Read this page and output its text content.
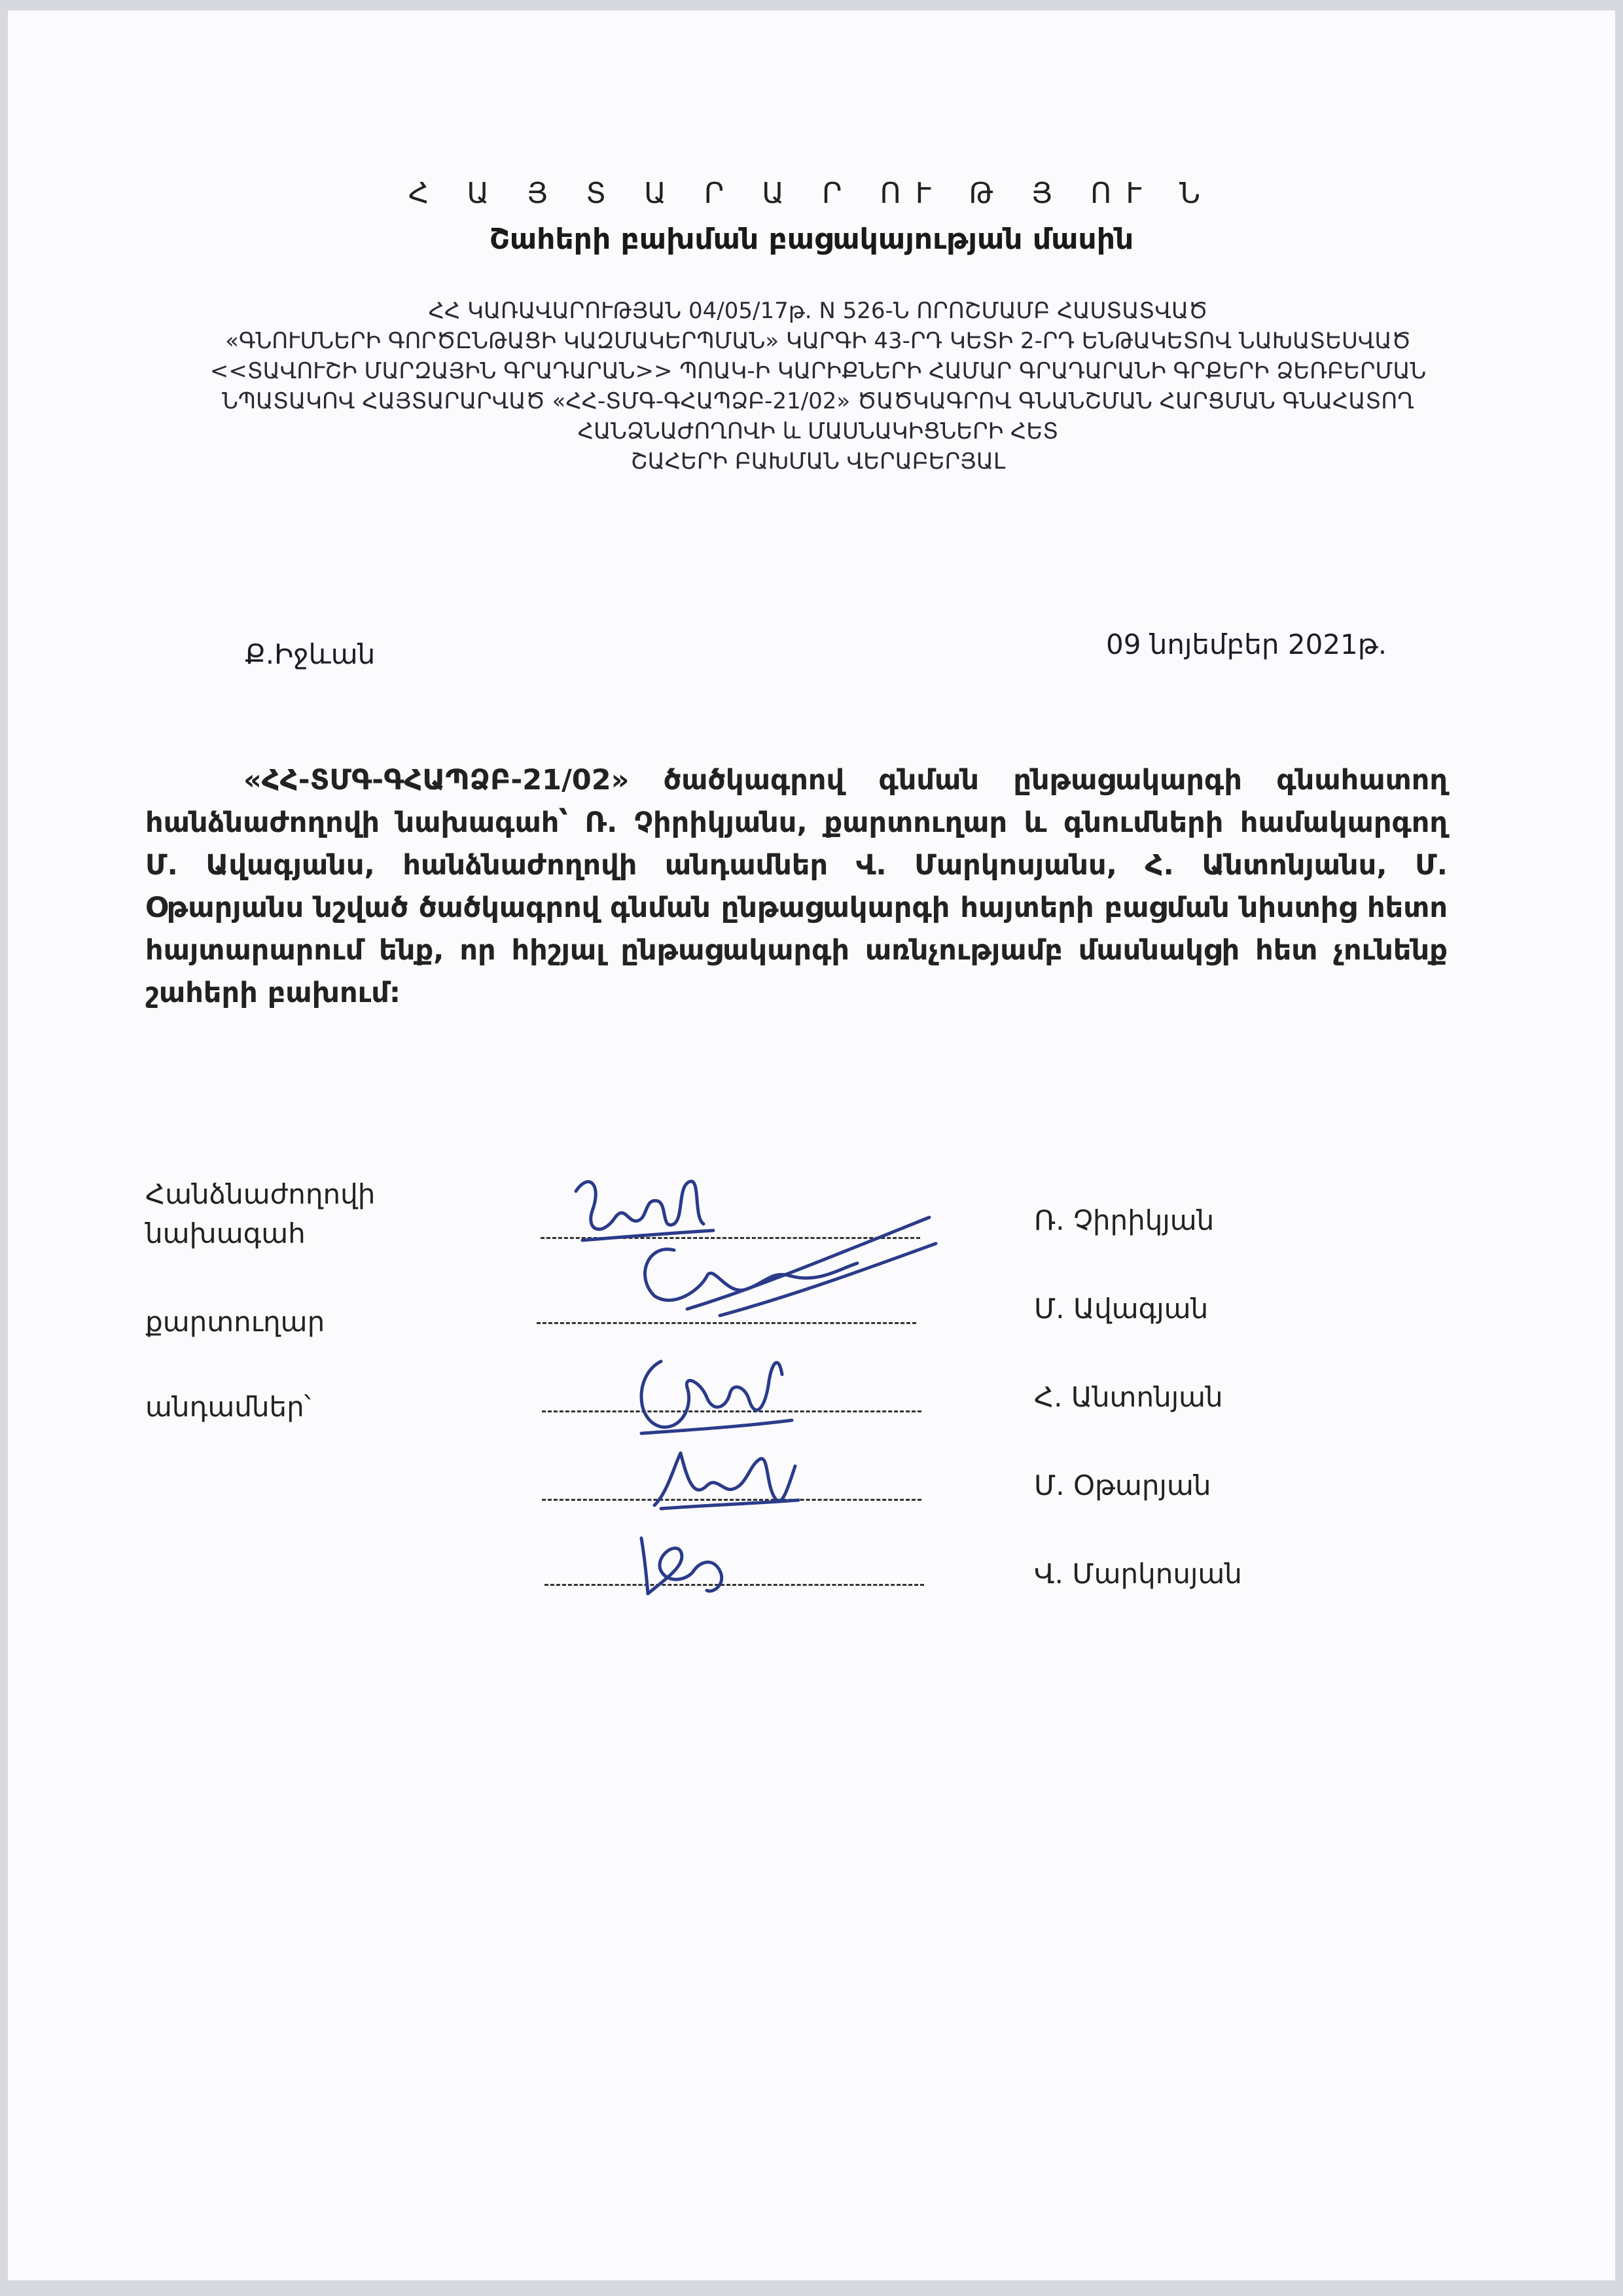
Հ Ա Յ Տ Ա Ր Ա Ր ՈՒ Թ Յ ՈՒ Ն
Շահերի բախման բացակայության մասին
ՀՀ ԿԱՌԱՎԱՐՈՒԹՅԱՆ 04/05/17թ. N 526-Ն ՈՐՈՇՄԱՄԲ ՀԱՍՏԱՏՎԱԾ
«ԳՆՈՒՄՆԵՐԻ ԳՈՐԾԸՆԹԱՑԻ ԿԱԶՄԱԿԵՐՊՄԱՆ» ԿԱՐԳԻ 43-ՐԴ ԿԵՏԻ 2-ՐԴ ԵՆԹԱԿԵՏՈՎ ՆԱԽԱՏԵՍՎԱԾ
<<ՏԱՎՈՒՇԻ ՄԱՐԶԱՅԻՆ ԳՐԱԴԱՐԱՆ>> ՊՈԱԿ-Ի ԿԱՐԻՔՆԵՐԻ ՀԱՄԱՐ ԳՐԱԴԱՐԱՆԻ ԳՐՔԵՐԻ ՁԵՌԲԵՐՄԱՆ
ՆՊԱՏԱԿՈՎ ՀԱՅՏԱՐԱՐՎԱԾ «ՀՀ-ՏՄԳ-ԳՀԱՊՁԲ-21/02» ԾԱԾԿԱԳՐՈՎ ԳՆԱՆՇՄԱՆ ՀԱՐՑՄԱՆ ԳՆԱՀԱՏՈՂ
ՀԱՆՁՆԱԺՈՂՈՎԻ և ՄԱՍՆԱԿԻՑՆԵՐԻ ՀԵՏ
ՇԱՀԵՐԻ ԲԱԽՄԱՆ ՎԵՐԱԲԵՐՅԱԼ
Ք.Իջևան	09 նոյեմբեր 2021թ.
«ՀՀ-ՏՄԳ-ԳՀԱՊՁԲ-21/02» ծածկագրով գնման ընթացակարգի գնահատող
հանձնաժողովի նախագահ՝ Ռ. Չիրիկյանս, քարտուղար և գնումների համակարգող
Մ. Ավագյանս, հանձնաժողովի անդամներ Վ. Մարկոսյանս, Հ. Անտոնյանս, Մ.
Օթարյանս նշված ծածկագրով գնման ընթացակարգի հայտերի բացման նիստից հետո
հայտարարում ենք, որ հիշյալ ընթացակարգի առնչությամբ մասնակցի հետ չունենք
շահերի բախում:
Հանձնաժողովի
նախագահ
քարտուղար
անդամներ՝
Ռ. Չիրիկյան
Մ. Ավագյան
Հ. Անտոնյան
Մ. Օթարյան
Վ. Մարկոսյան
